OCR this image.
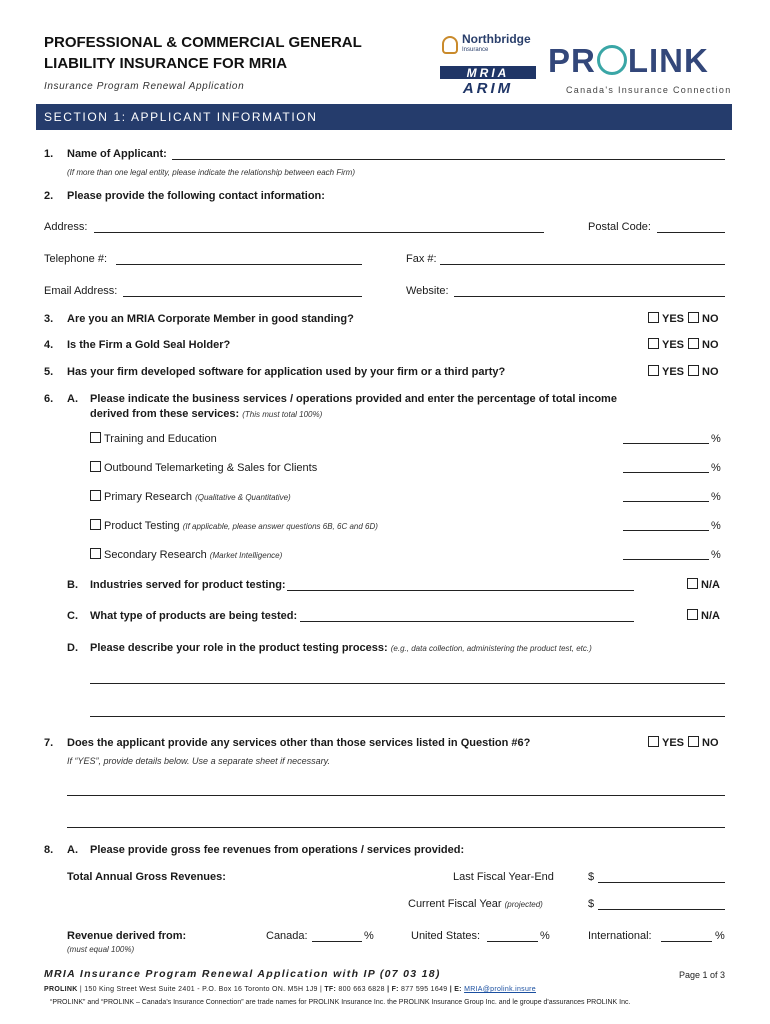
PROFESSIONAL & COMMERCIAL GENERAL
LIABILITY INSURANCE FOR MRIA
Insurance Program Renewal Application
Northbridge
Insurance
MRIA
ARIM
PR LINK
Canada's Insurance Connection
SECTION 1: APPLICANT INFORMATION
1. Name of Applicant:
(If more than one legal entity, please indicate the relationship between each Firm)
2. Please provide the following contact information:
Address:	Postal Code:
Telephone #:	Fax #:
Email Address:	Website:
3. Are you an MRIA Corporate Member in good standing?	YES	NO
4. Is the Firm a Gold Seal Holder?	YES	NO
5. Has your firm developed software for application used by your firm or a third party?	YES	NO
6. A. Please indicate the business services / operations provided and enter the percentage of total income
derived from these services: (This must total 100%)
Training and Education	%
Outbound Telemarketing & Sales for Clients	%
Primary Research (Qualitative & Quantitative)	%
Product Testing (If applicable, please answer questions 6B, 6C and 6D)	%
Secondary Research (Market Intelligence)	%
B. Industries served for product testing:	N/A
C. What type of products are being tested:	N/A
D. Please describe your role in the product testing process: (e.g., data collection, administering the product test, etc.)
7. Does the applicant provide any services other than those services listed in Question #6?	YES	NO
If “YES”, provide details below. Use a separate sheet if necessary.
8. A. Please provide gross fee revenues from operations / services provided:
Total Annual Gross Revenues:	Last Fiscal Year-End	$
Current Fiscal Year (projected)	$
Revenue derived from:
(must equal 100%)
Canada:	%	United States:	%	International:	%
MRIA Insurance Program Renewal Application with IP (07 03 18)	Page 1 of 3
PROLINK | 150 King Street West Suite 2401 - P.O. Box 16 Toronto ON. M5H 1J9 | TF: 800 663 6828 | F: 877 595 1649 | E: MRIA@prolink.insure
“PROLINK” and “PROLINK – Canada's Insurance Connection” are trade names for PROLINK Insurance Inc. the PROLINK Insurance Group Inc. and le groupe d'assurances PROLINK Inc.
